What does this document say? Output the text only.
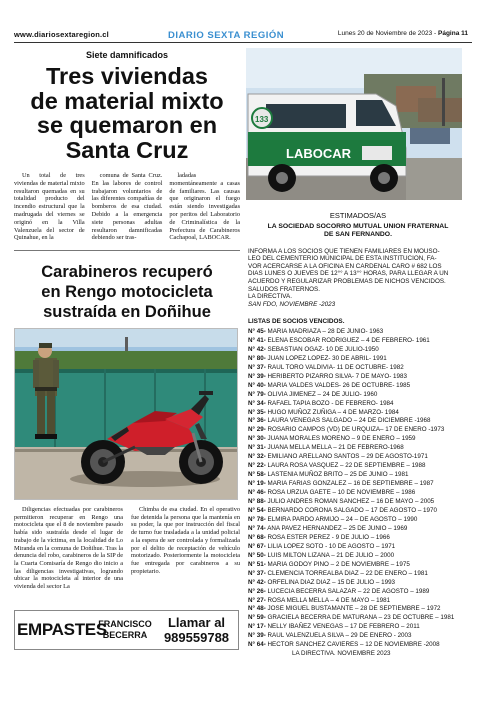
www.diariosextaregion.cl	DIARIO SEXTA REGIÓN	Lunes 20 de Noviembre de 2023 - Página 11
Siete damnificados
Tres viviendas
de material mixto
se quemaron en
Santa Cruz

Un total de tres viviendas de material mixto resultaron quemadas en su totalidad producto del incendio estructural que la madrugada del viernes se originó en la Villa Valenzuela del sector de Quinahue, en la

comuna de Santa Cruz. En las labores de control trabajaron voluntarios de las diferentes compañías de bomberos de esa ciudad. Debido a la emergencia siete personas adultas resultaron damnificadas debiendo ser tras-

ladadas momentáneamente a casas de familiares. Las causas que originaron el fuego están siendo investigadas por peritos del Laboratorio de Criminalística de la Prefectura de Carabineros Cachapoal, LABOCAR.

Carabineros recuperó
en Rengo motocicleta
sustraída en Doñihue

Diligencias efectuadas por carabineros permitieron recuperar en Rengo una motocicleta que el 8 de noviembre pasado había sido sustraída desde el lugar de trabajo de la víctima, en la localidad de Lo Miranda en la comuna de Doñihue. Tras la denuncia del robo, carabineros de la SIP de la Cuarta Comisaría de Rengo dio inicio a las diligencias investigativas, logrando ubicar la motocicleta al interior de una vivienda del sector La

Chimba de esa ciudad. En el operativo fue detenida la persona que la mantenía en su poder, la que por instrucción del fiscal de turno fue trasladada a la unidad policial a la espera de ser controlada y formalizada por el delito de receptación de vehículo motorizado. Posteriormente la motocicleta fue entregada por carabineros a su propietario.

EMPASTES
FRANCISCO
BECERRA
Llamar al
989559788
LABOCAR
133
ESTIMADOS/AS
LA SOCIEDAD SOCORRO MUTUAL UNION FRATERNAL
DE SAN FERNANDO.
INFORMA A LOS SOCIOS QUE TIENEN FAMILIARES EN MOUSO-
LEO DEL CEMENTERIO MUNICIPAL DE ESTA INSTITUCION, FA-
VOR ACERCARSE A LA OFICINA EN CARDENAL CARO # 682 LOS
DIAS LUNES O JUEVES DE 12°° A 13°° HORAS, PARA LLEGAR A UN
ACUERDO Y REGULARIZAR PROBLEMAS DE NICHOS VENCIDOS.
SALUDOS FRATERNOS.
LA DIRECTIVA.
SAN FDO, NOVIEMBRE -2023
LISTAS DE SOCIOS VENCIDOS.
N° 45- MARIA MADRIAZA – 28 DE JUNIO- 1963
N° 41- ELENA ESCOBAR RODRIGUEZ – 4 DE FEBRERO- 1961
N° 42- SEBASTIAN OGAZ- 10 DE JULIO-1950
N° 80- JUAN LOPEZ LOPEZ- 30 DE ABRIL- 1991
N° 37- RAUL TORO VALDIVIA- 11 DE OCTUBRE- 1982
N° 39- HERIBERTO PIZARRO SILVA- 7 DE MAYO- 1983
N° 40- MARIA VALDES VALDES- 26 DE OCTUBRE- 1985
N° 79- OLIVIA JIMENEZ – 24 DE JULIO- 1960
N° 34- RAFAEL TAPIA BOZO - DE FEBRERO- 1984
N° 35- HUGO MUÑOZ ZUÑIGA – 4 DE MARZO- 1984
N° 36- LAURA VENEGAS SALGADO – 24 DE DICIEMBRE -1968
N° 29- ROSARIO CAMPOS (VD) DE URQUIZA– 17 DE ENERO -1973
N° 30- JUANA MORALES MORENO – 9 DE ENERO – 1959
N° 31- JUANA MELLA MELLA – 21 DE FEBRERO-1968
N° 32- EMILIANO ARELLANO SANTOS – 29 DE AGOSTO-1971
N° 22- LAURA ROSA VASQUEZ – 22 DE SEPTIEMBRE – 1988
N° 58- LASTENIA MUÑOZ BRITO – 25 DE JUNIO – 1981
N° 19- MARIA FARIAS GONZALEZ – 16 DE SEPTIEMBRE – 1987
N° 46- ROSA URZUA GAETE – 10 DE NOVIEMBRE – 1986
N° 88- JULIO ANDRES ROMAN SANCHEZ – 16 DE MAYO – 2005
N° 54- BERNARDO CORONA SALGADO – 17 DE AGOSTO – 1970
N° 78- ELMIRA PARDO ARMIJO – 24 – DE AGOSTO – 1990
N° 74- ANA PAVEZ HERNANDEZ – 25 DE JUNIO – 1969
N° 68- ROSA ESTER PEREZ - 9 DE JULIO – 1966
N° 67- LILIA LOPEZ SOTO - 10 DE AGOSTO – 1971
N° 50- LUIS MILTON LIZANA – 21 DE JULIO – 2000
N° 51- MARIA GODOY PINO – 2 DE NOVIEMBRE – 1975
N° 37- CLEMENCIA TORREALBA DIAZ – 22 DE ENERO – 1981
N° 42- ORFELINA DIAZ DIAZ – 15 DE JULIO – 1993
N° 26- LUCECIA BECERRA SALAZAR – 22 DE AGOSTO – 1989
N° 27- ROSA MELLA MELLA – 4 DE MAYO – 1981
N° 48- JOSE MIGUEL BUSTAMANTE – 28 DE SEPTIEMBRE – 1972
N° 59- GRACIELA BECERRA DE MATURANA – 23 DE OCTUBRE – 1981
N° 17- NELLY IBAÑEZ VENEGAS – 17 DE FEBRERO – 2011
N° 39- RAUL VALENZUELA SILVA – 29 DE ENERO - 2003
N° 64- HECTOR SANCHEZ CAVIERES – 12 DE NOVIEMBRE -2008
LA DIRECTIVA. NOVIEMBRE 2023
